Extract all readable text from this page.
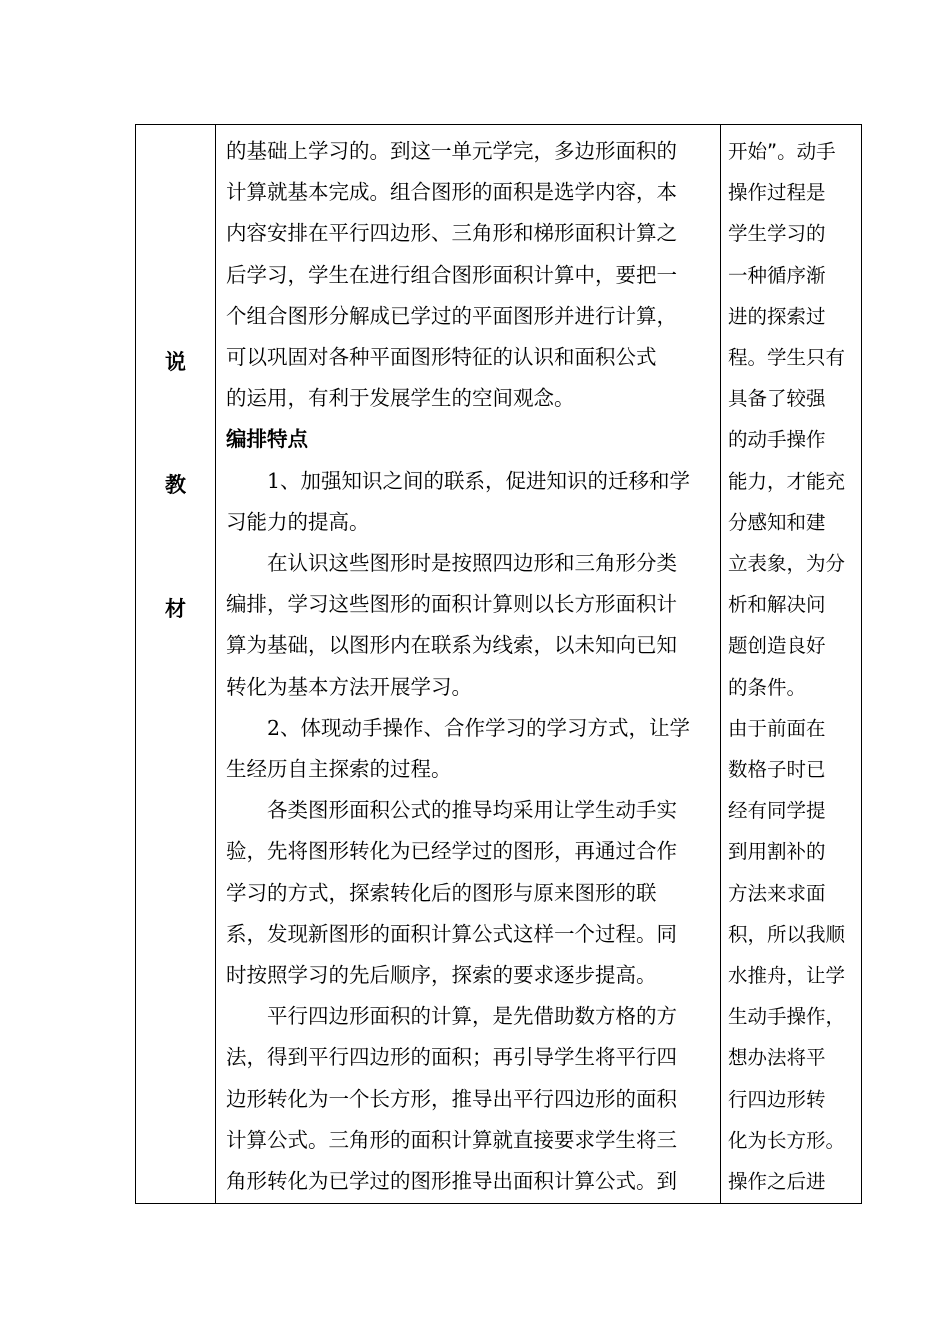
说
教
材
的基础上学习的。到这一单元学完，多边形面积的
计算就基本完成。组合图形的面积是选学内容，本
内容安排在平行四边形、三角形和梯形面积计算之
后学习，学生在进行组合图形面积计算中，要把一
个组合图形分解成已学过的平面图形并进行计算，
可以巩固对各种平面图形特征的认识和面积公式
的运用，有利于发展学生的空间观念。
编排特点
1、加强知识之间的联系，促进知识的迁移和学
习能力的提高。
在认识这些图形时是按照四边形和三角形分类
编排，学习这些图形的面积计算则以长方形面积计
算为基础，以图形内在联系为线索，以未知向已知
转化为基本方法开展学习。
2、体现动手操作、合作学习的学习方式，让学
生经历自主探索的过程。
各类图形面积公式的推导均采用让学生动手实
验，先将图形转化为已经学过的图形，再通过合作
学习的方式，探索转化后的图形与原来图形的联
系，发现新图形的面积计算公式这样一个过程。同
时按照学习的先后顺序，探索的要求逐步提高。
平行四边形面积的计算，是先借助数方格的方
法，得到平行四边形的面积；再引导学生将平行四
边形转化为一个长方形，推导出平行四边形的面积
计算公式。三角形的面积计算就直接要求学生将三
角形转化为已学过的图形推导出面积计算公式。到
开始”。动手
操作过程是
学生学习的
一种循序渐
进的探索过
程。学生只有
具备了较强
的动手操作
能力，才能充
分感知和建
立表象，为分
析和解决问
题创造良好
的条件。
由于前面在
数格子时已
经有同学提
到用割补的
方法来求面
积，所以我顺
水推舟，让学
生动手操作，
想办法将平
行四边形转
化为长方形。
操作之后进
